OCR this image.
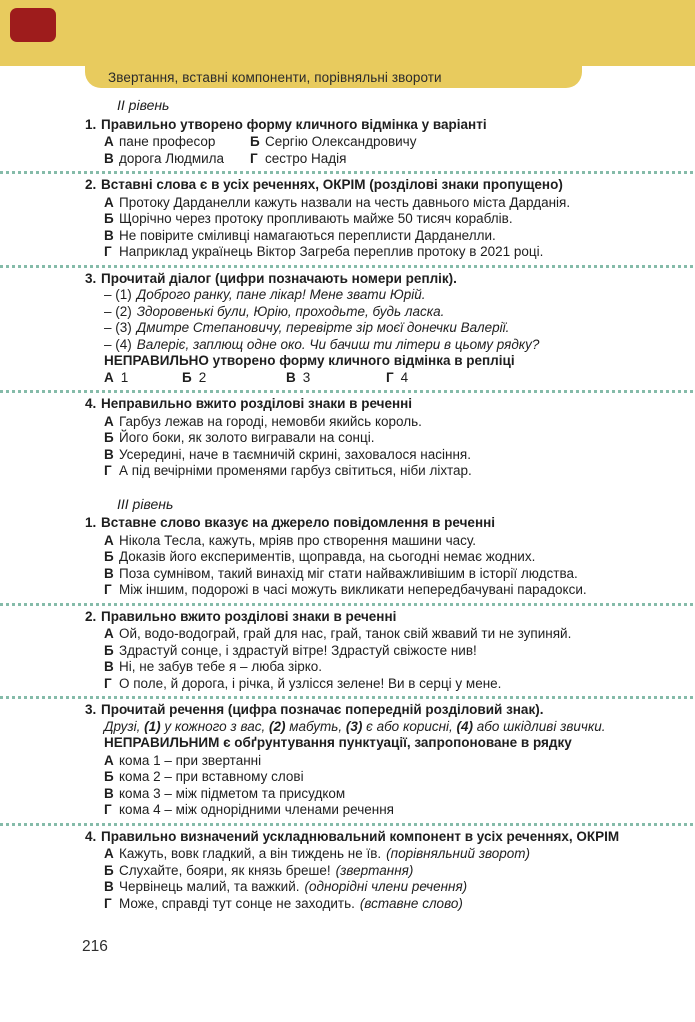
Звертання, вставні компоненти, порівняльні звороти
ІІ рівень
1. Правильно утворено форму кличного відмінка у варіанті
А пане професор	Б Сергію Олександровичу
В дорога Людмила Г сестро Надія
2. Вставні слова є в усіх реченнях, ОКРІМ (розділові знаки пропущено)
А Протоку Дарданелли кажуть назвали на честь давнього міста Дарданія.
Б Щорічно через протоку пропливають майже 50 тисяч кораблів.
В Не повірите сміливці намагаються переплисти Дарданелли.
Г Наприклад українець Віктор Загреба переплив протоку в 2021 році.
3. Прочитай діалог (цифри позначають номери реплік).
– (1) Доброго ранку, пане лікар! Мене звати Юрій.
– (2) Здоровенькі були, Юрію, проходьте, будь ласка.
– (3) Дмитре Степановичу, перевірте зір моєї донечки Валерії.
– (4) Валеріє, заплющ одне око. Чи бачиш ти літери в цьому рядку?
НЕПРАВИЛЬНО утворено форму кличного відмінка в репліці
А 1	Б 2	В 3	Г 4
4. Неправильно вжито розділові знаки в реченні
А Гарбуз лежав на городі, немовби якийсь король.
Б Його боки, як золото вигравали на сонці.
В Усередині, наче в таємничій скрині, заховалося насіння.
Г А під вечірніми променями гарбуз світиться, ніби ліхтар.
ІІІ рівень
1. Вставне слово вказує на джерело повідомлення в реченні
А Нікола Тесла, кажуть, мріяв про створення машини часу.
Б Доказів його експериментів, щоправда, на сьогодні немає жодних.
В Поза сумнівом, такий винахід міг стати найважливішим в історії людства.
Г Між іншим, подорожі в часі можуть викликати непередбачувані парадокси.
2. Правильно вжито розділові знаки в реченні
А Ой, водо-водограй, грай для нас, грай, танок свій жвавий ти не зупиняй.
Б Здрастуй сонце, і здрастуй вітре! Здрастуй свіжосте нив!
В Ні, не забув тебе я – люба зірко.
Г О поле, й дорога, і річка, й узлісся зелене! Ви в серці у мене.
3. Прочитай речення (цифра позначає попередній розділовий знак).
Друзі, (1) у кожного з вас, (2) мабуть, (3) є або корисні, (4) або шкідливі звички.
НЕПРАВИЛЬНИМ є обґрунтування пунктуації, запропоноване в рядку
А кома 1 – при звертанні
Б кома 2 – при вставному слові
В кома 3 – між підметом та присудком
Г кома 4 – між однорідними членами речення
4. Правильно визначений ускладнювальний компонент в усіх реченнях, ОКРІМ
А Кажуть, вовк гладкий, а він тиждень не їв. (порівняльний зворот)
Б Слухайте, бояри, як князь бреше! (звертання)
В Червінець малий, та важкий. (однорідні члени речення)
Г Може, справді тут сонце не заходить. (вставне слово)
216
